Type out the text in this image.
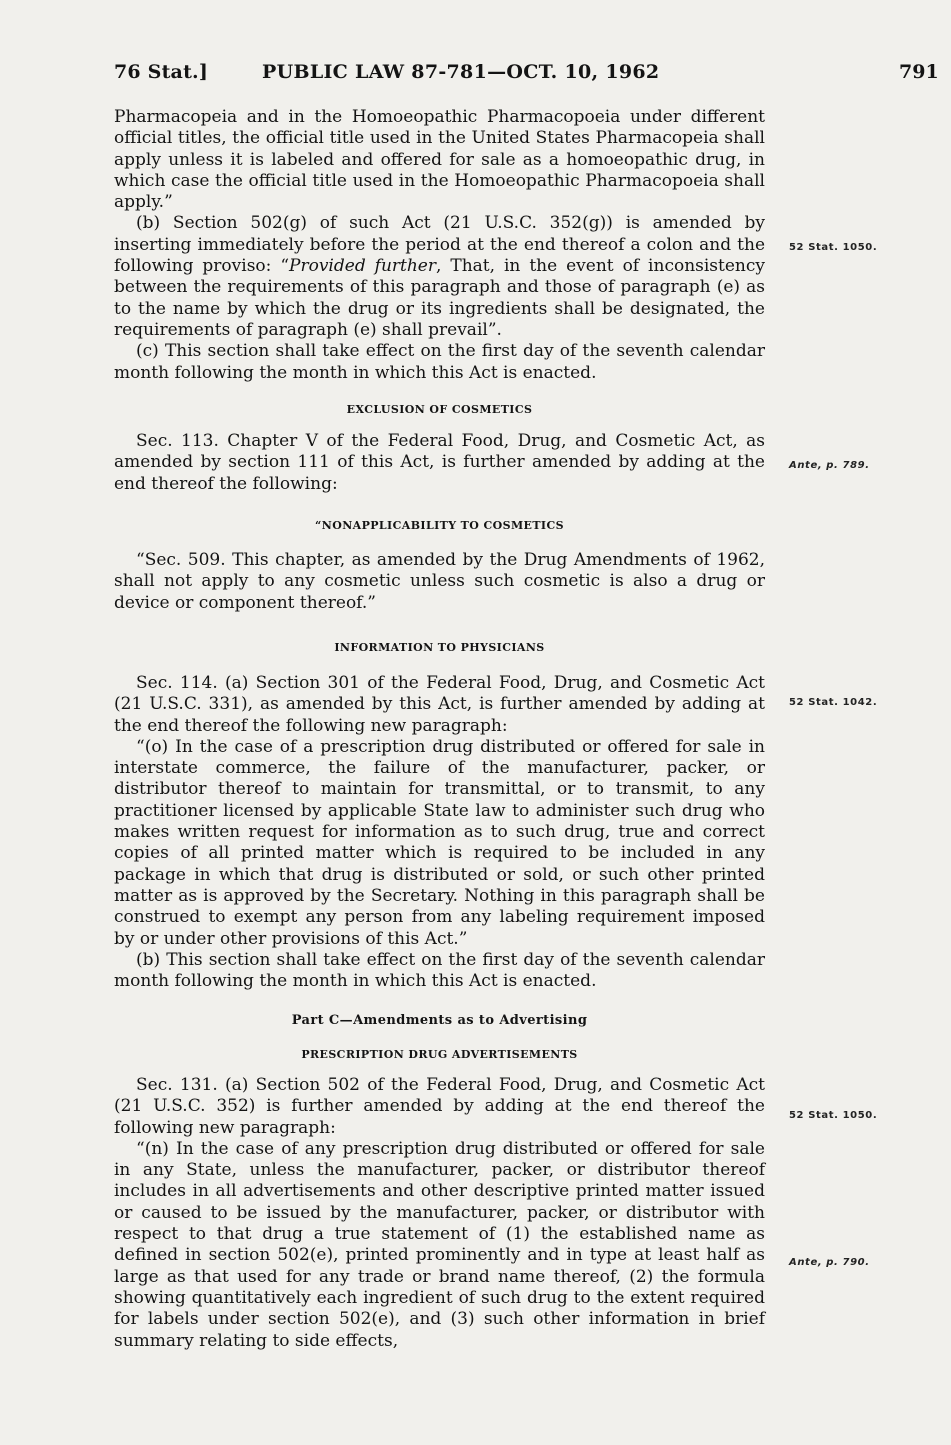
76 Stat.]	PUBLIC LAW 87-781—OCT. 10, 1962	791

Pharmacopeia and in the Homoeopathic Pharmacopoeia under different official titles, the official title used in the United States Pharmacopeia shall apply unless it is labeled and offered for sale as a homoeopathic drug, in which case the official title used in the Homoeopathic Pharmacopoeia shall apply.”

(b) Section 502(g) of such Act (21 U.S.C. 352(g)) is amended by inserting immediately before the period at the end thereof a colon and the following proviso: “Provided further, That, in the event of inconsistency between the requirements of this paragraph and those of paragraph (e) as to the name by which the drug or its ingredients shall be designated, the requirements of paragraph (e) shall prevail”.

(c) This section shall take effect on the first day of the seventh calendar month following the month in which this Act is enacted.

EXCLUSION OF COSMETICS

Sec. 113. Chapter V of the Federal Food, Drug, and Cosmetic Act, as amended by section 111 of this Act, is further amended by adding at the end thereof the following:

“NONAPPLICABILITY TO COSMETICS

“Sec. 509. This chapter, as amended by the Drug Amendments of 1962, shall not apply to any cosmetic unless such cosmetic is also a drug or device or component thereof.”

INFORMATION TO PHYSICIANS

Sec. 114. (a) Section 301 of the Federal Food, Drug, and Cosmetic Act (21 U.S.C. 331), as amended by this Act, is further amended by adding at the end thereof the following new paragraph:

“(o) In the case of a prescription drug distributed or offered for sale in interstate commerce, the failure of the manufacturer, packer, or distributor thereof to maintain for transmittal, or to transmit, to any practitioner licensed by applicable State law to administer such drug who makes written request for information as to such drug, true and correct copies of all printed matter which is required to be included in any package in which that drug is distributed or sold, or such other printed matter as is approved by the Secretary. Nothing in this paragraph shall be construed to exempt any person from any labeling requirement imposed by or under other provisions of this Act.”

(b) This section shall take effect on the first day of the seventh calendar month following the month in which this Act is enacted.

Part C—Amendments as to Advertising
PRESCRIPTION DRUG ADVERTISEMENTS

Sec. 131. (a) Section 502 of the Federal Food, Drug, and Cosmetic Act (21 U.S.C. 352) is further amended by adding at the end thereof the following new paragraph:

“(n) In the case of any prescription drug distributed or offered for sale in any State, unless the manufacturer, packer, or distributor thereof includes in all advertisements and other descriptive printed matter issued or caused to be issued by the manufacturer, packer, or distributor with respect to that drug a true statement of (1) the established name as defined in section 502(e), printed prominently and in type at least half as large as that used for any trade or brand name thereof, (2) the formula showing quantitatively each ingredient of such drug to the extent required for labels under section 502(e), and (3) such other information in brief summary relating to side effects,

52 Stat. 1050.
Ante, p. 789.
52 Stat. 1042.
52 Stat. 1050.
Ante, p. 790.
